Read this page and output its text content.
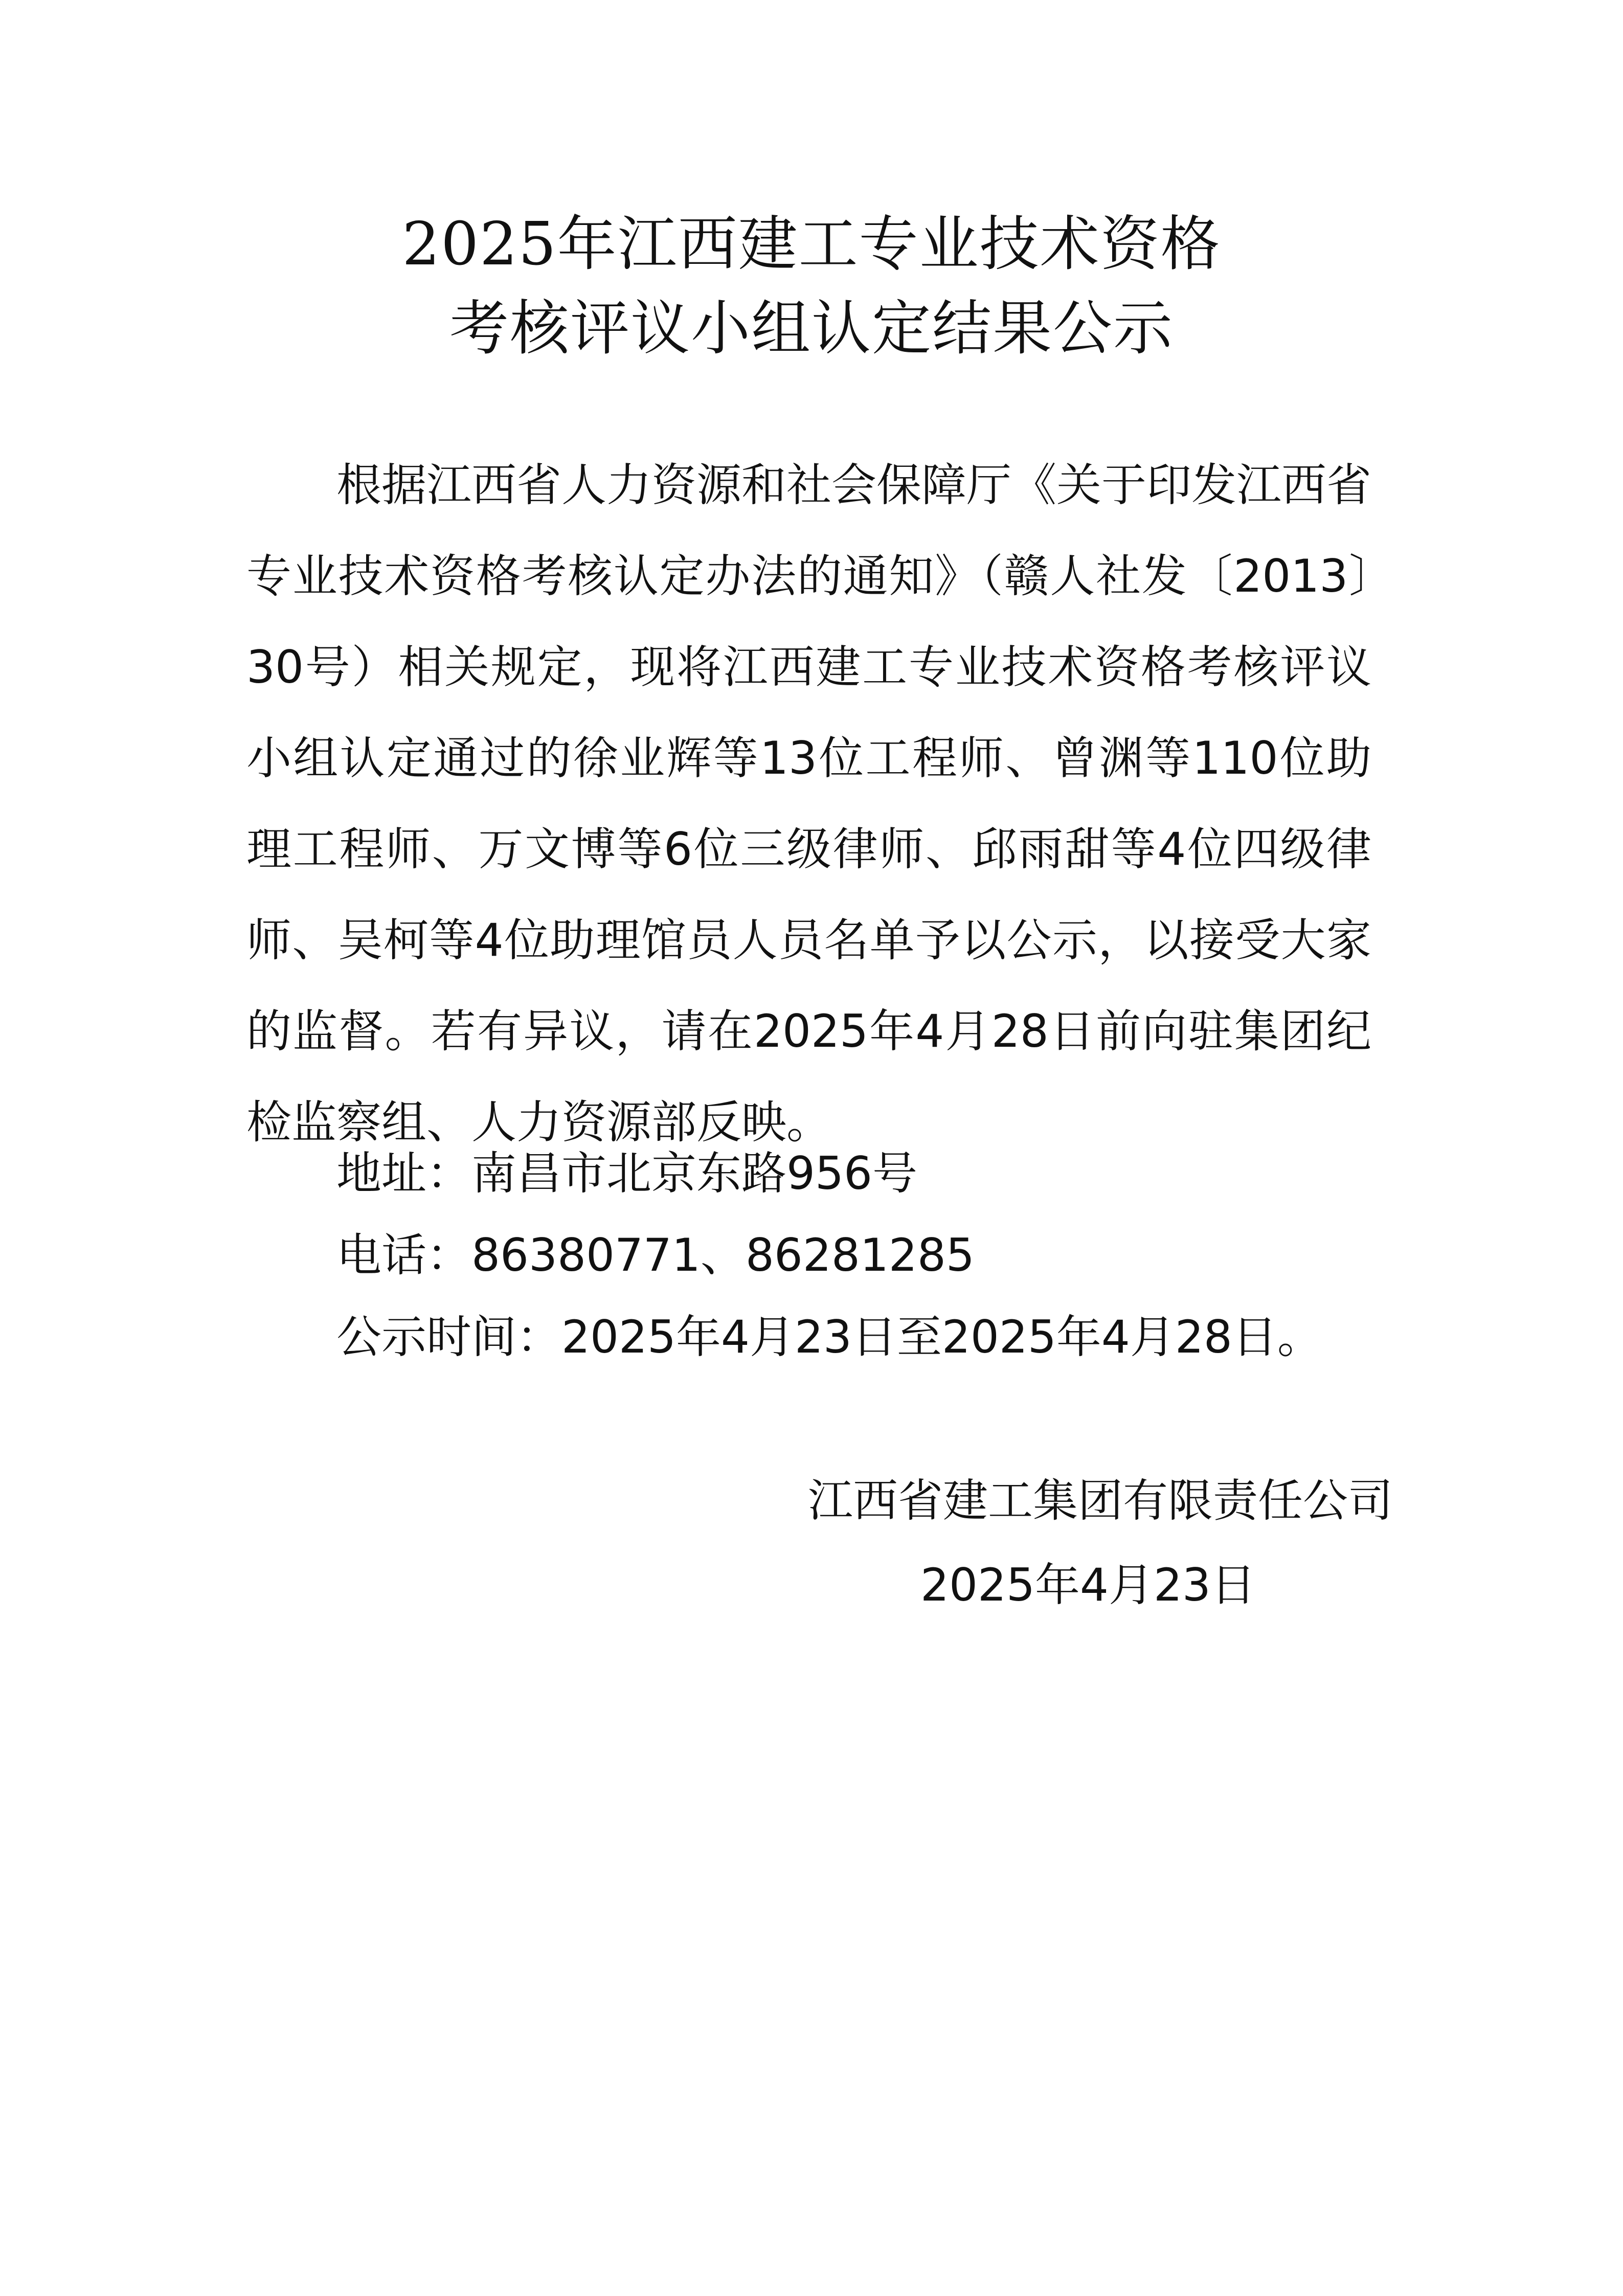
2025年江西建工专业技术资格
考核评议小组认定结果公示

根据江西省人力资源和社会保障厅《关于印发江西省专业技术资格考核认定办法的通知》（赣人社发〔2013〕30号）相关规定，现将江西建工专业技术资格考核评议小组认定通过的徐业辉等13位工程师、曾渊等110位助理工程师、万文博等6位三级律师、邱雨甜等4位四级律师、吴柯等4位助理馆员人员名单予以公示，以接受大家的监督。若有异议，请在2025年4月28日前向驻集团纪检监察组、人力资源部反映。

地址：南昌市北京东路956号
电话：86380771、86281285
公示时间：2025年4月23日至2025年4月28日。
江西省建工集团有限责任公司
2025年4月23日
